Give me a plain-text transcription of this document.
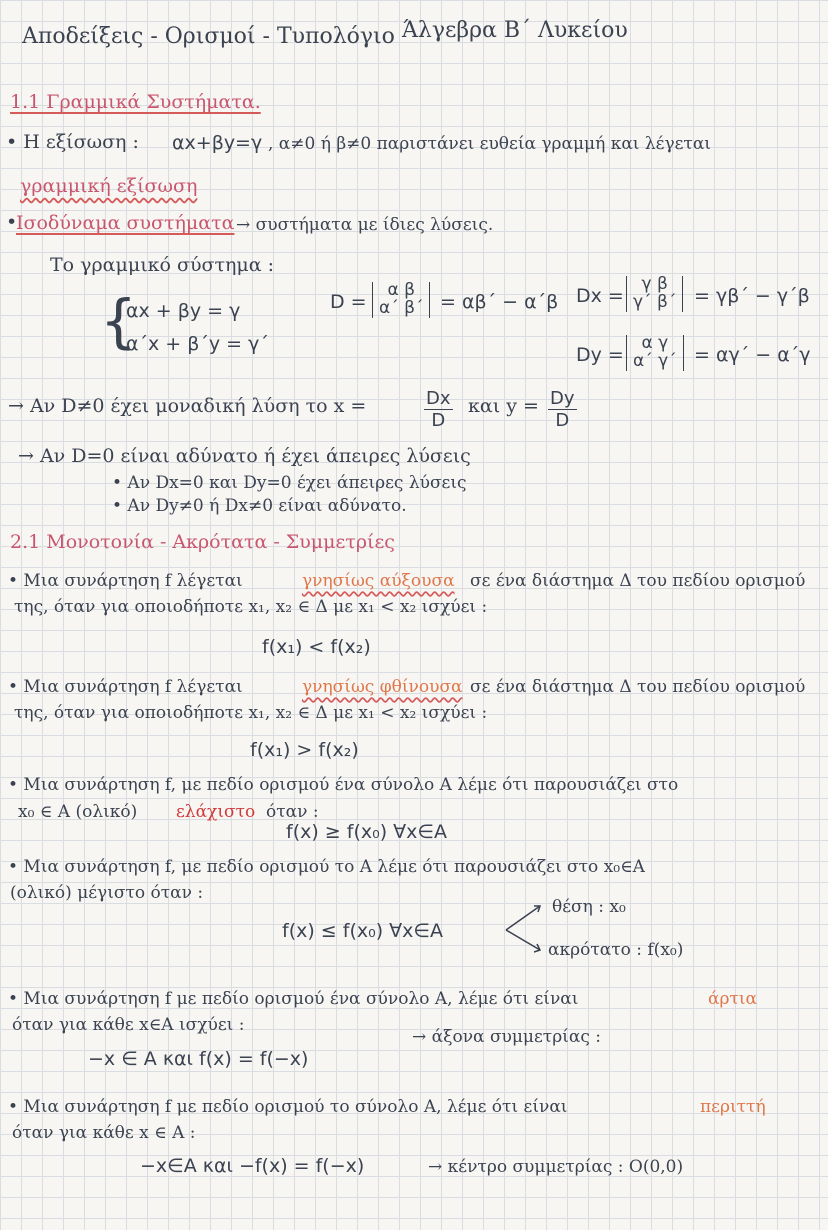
Αποδείξεις - Ορισμοί - Τυπολόγιο Άλγεβρα Β΄ Λυκείου
1.1 Γραμμικά Συστήματα.
• Η εξίσωση : αx+βy=γ , α≠0 ή β≠0 παριστάνει ευθεία γραμμή και λέγεται
γραμμική εξίσωση
•
Ισοδύναμα συστήματα → συστήματα με ίδιες λύσεις.
Το γραμμικό σύστημα :
{
αx + βy = γ
α΄x + β΄y = γ΄
D =
α β
α΄ β΄ = αβ΄ − α΄β Dx =
γ β
γ΄ β΄ = γβ΄ − γ΄β
Dy =
α γ
α΄ γ΄ = αγ΄ − α΄γ
→ Αν D≠0 έχει μοναδική λύση το x =	$\frac{Dx}{D}$ και $y = \frac{Dy}{D}$
→ Αν D=0 είναι αδύνατο ή έχει άπειρες λύσεις
• Αν Dx=0 και Dy=0 έχει άπειρες λύσεις
• Αν Dy≠0 ή Dx≠0 είναι αδύνατο.
2.1 Μονοτονία - Ακρότατα - Συμμετρίες
• Μια συνάρτηση f λέγεται	γνησίως αύξουσα σε ένα διάστημα Δ του πεδίου ορισμού
της, όταν για οποιοδήποτε x₁, x₂ ∈ Δ με x₁ < x₂ ισχύει :
f(x₁) < f(x₂)
• Μια συνάρτηση f λέγεται	γνησίως φθίνουσα σε ένα διάστημα Δ του πεδίου ορισμού
της, όταν για οποιοδήποτε x₁, x₂ ∈ Δ με x₁ < x₂ ισχύει :
f(x₁) > f(x₂)
• Μια συνάρτηση f, με πεδίο ορισμού ένα σύνολο A λέμε ότι παρουσιάζει στο
x₀ ∈ A (ολικό) ελάχιστο όταν :
f(x) ≥ f(x₀) ∀x∈A
• Μια συνάρτηση f, με πεδίο ορισμού το A λέμε ότι παρουσιάζει στο x₀∈A
(ολικό) μέγιστο όταν :
f(x) ≤ f(x₀) ∀x∈A
θέση : x₀
ακρότατο : f(x₀)
• Μια συνάρτηση f με πεδίο ορισμού ένα σύνολο A, λέμε ότι είναι	άρτια
όταν για κάθε x∈A ισχύει :
→ άξονα συμμετρίας :
−x ∈ A και f(x) = f(−x)
• Μια συνάρτηση f με πεδίο ορισμού το σύνολο A, λέμε ότι είναι	περιττή
όταν για κάθε x ∈ A :
−x∈A και −f(x) = f(−x)	→ κέντρο συμμετρίας : O(0,0)
